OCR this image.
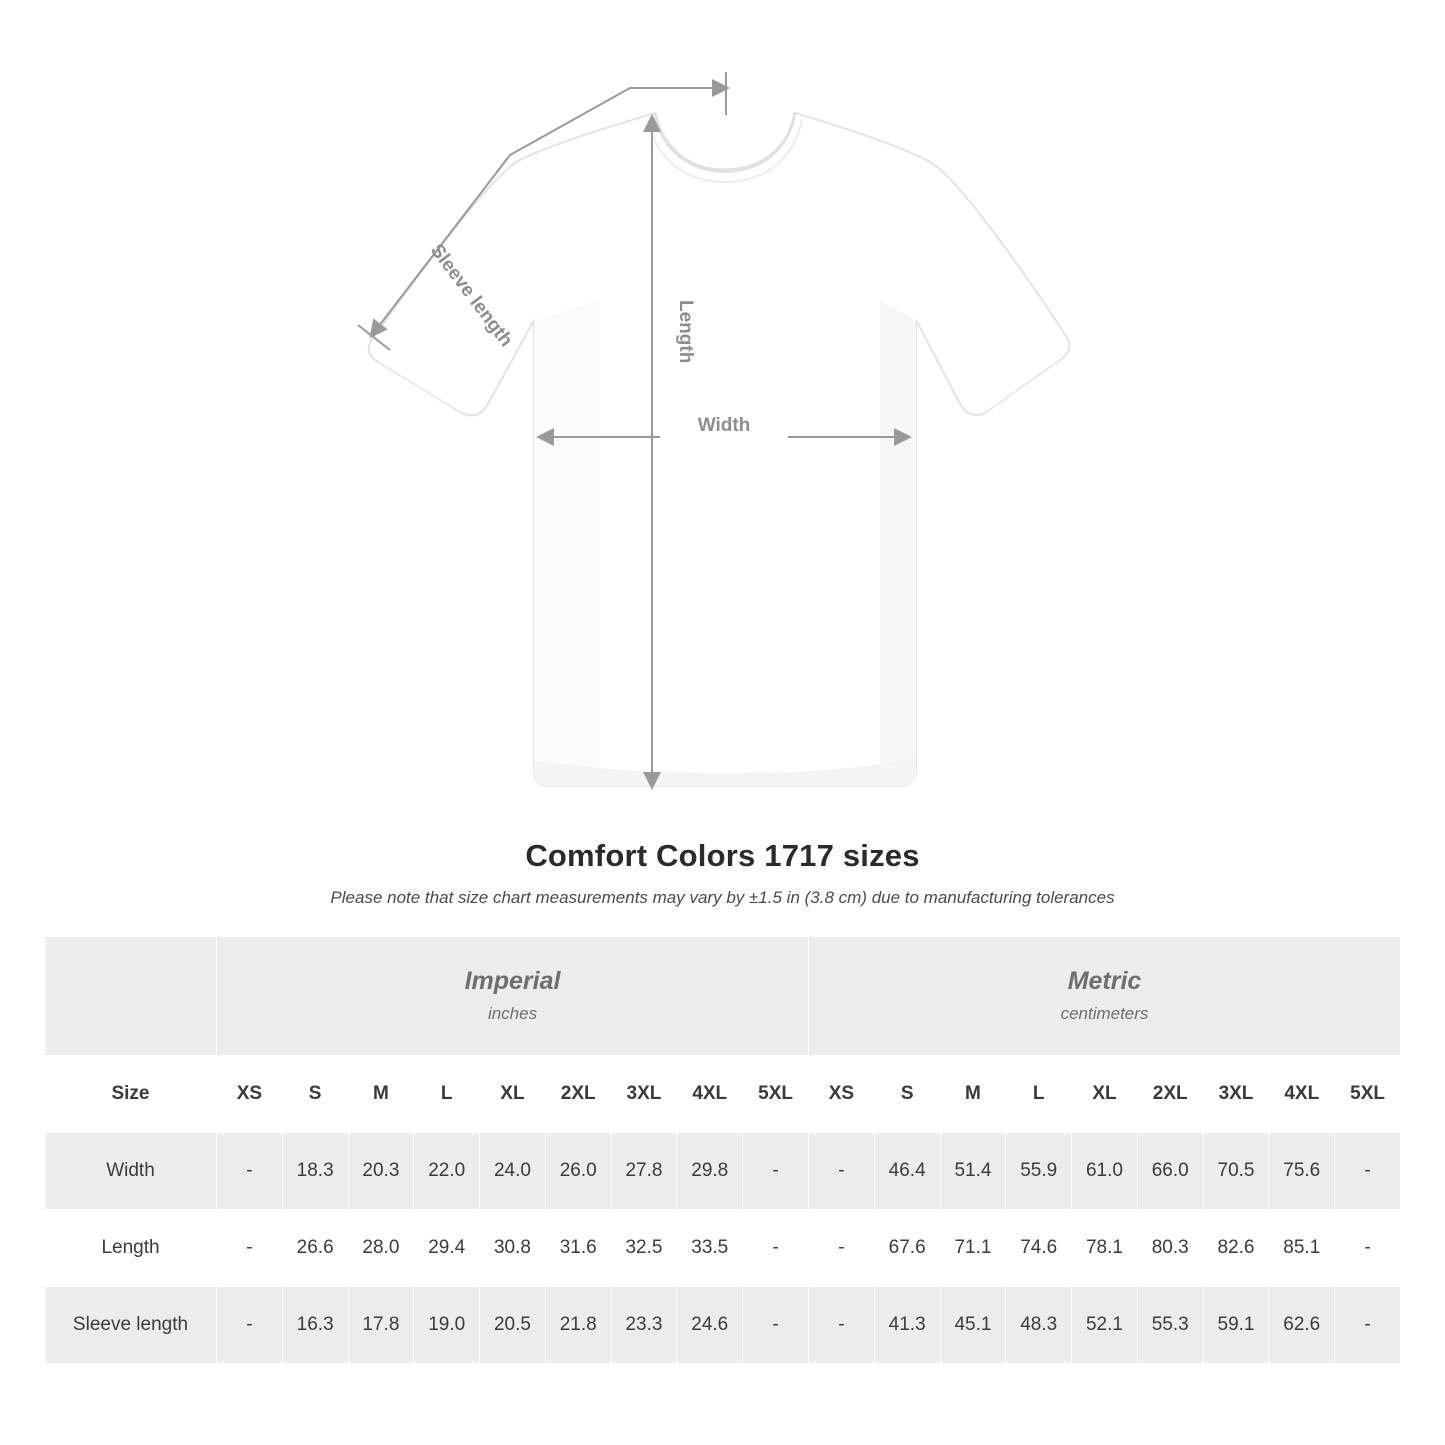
Sleeve length	Length
Width
Comfort Colors 1717 sizes
Please note that size chart measurements may vary by ±1.5 in (3.8 cm) due to manufacturing tolerances

Imperial
inches

Metric
centimeters

Size	XS	S	M	L	XL	2XL	3XL	4XL	5XL	XS	S	M	L	XL	2XL	3XL	4XL	5XL
Width	-	18.3	20.3	22.0	24.0	26.0	27.8	29.8	-	-	46.4	51.4	55.9	61.0	66.0	70.5	75.6	-
Length	-	26.6	28.0	29.4	30.8	31.6	32.5	33.5	-	-	67.6	71.1	74.6	78.1	80.3	82.6	85.1	-
Sleeve length	-	16.3	17.8	19.0	20.5	21.8	23.3	24.6	-	-	41.3	45.1	48.3	52.1	55.3	59.1	62.6	-
